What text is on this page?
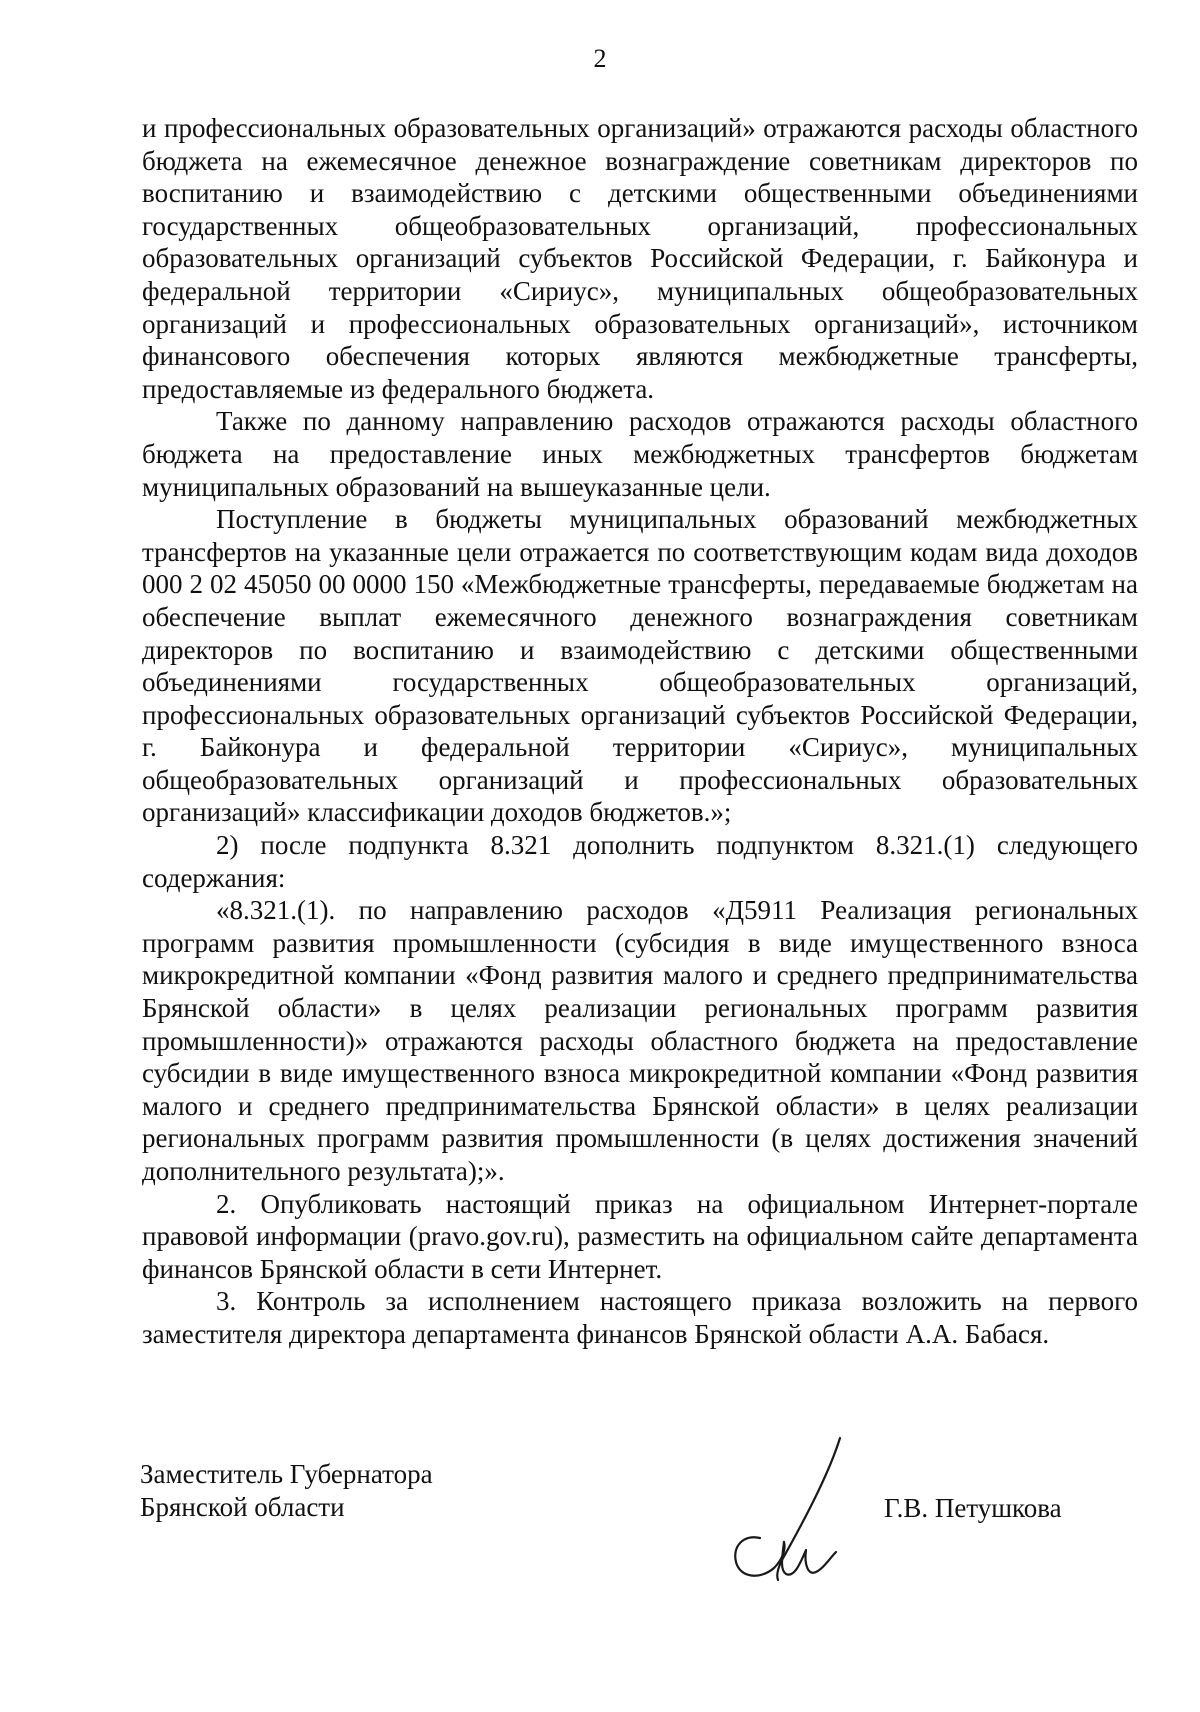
2

и профессиональных образовательных организаций» отражаются расходы областного бюджета на ежемесячное денежное вознаграждение советникам директоров по воспитанию и взаимодействию с детскими общественными объединениями государственных общеобразовательных организаций, профессиональных образовательных организаций субъектов Российской Федерации, г. Байконура и федеральной территории «Сириус», муниципальных общеобразовательных организаций и профессиональных образовательных организаций», источником финансового обеспечения которых являются межбюджетные трансферты, предоставляемые из федерального бюджета.

Также по данному направлению расходов отражаются расходы областного бюджета на предоставление иных межбюджетных трансфертов бюджетам муниципальных образований на вышеуказанные цели.

Поступление в бюджеты муниципальных образований межбюджетных трансфертов на указанные цели отражается по соответствующим кодам вида доходов 000 2 02 45050 00 0000 150 «Межбюджетные трансферты, передаваемые бюджетам на обеспечение выплат ежемесячного денежного вознаграждения советникам директоров по воспитанию и взаимодействию с детскими общественными объединениями государственных общеобразовательных организаций, профессиональных образовательных организаций субъектов Российской Федерации, г. Байконура и федеральной территории «Сириус», муниципальных общеобразовательных организаций и профессиональных образовательных организаций» классификации доходов бюджетов.»;

2) после подпункта 8.321 дополнить подпунктом 8.321.(1) следующего содержания:

«8.321.(1). по направлению расходов «Д5911 Реализация региональных программ развития промышленности (субсидия в виде имущественного взноса микрокредитной компании «Фонд развития малого и среднего предпринимательства Брянской области» в целях реализации региональных программ развития промышленности)» отражаются расходы областного бюджета на предоставление субсидии в виде имущественного взноса микрокредитной компании «Фонд развития малого и среднего предпринимательства Брянской области» в целях реализации региональных программ развития промышленности (в целях достижения значений дополнительного результата);».

2. Опубликовать настоящий приказ на официальном Интернет-портале правовой информации (pravo.gov.ru), разместить на официальном сайте департамента финансов Брянской области в сети Интернет.

3. Контроль за исполнением настоящего приказа возложить на первого заместителя директора департамента финансов Брянской области А.А. Бабася.

Заместитель Губернатора
Брянской области	Г.В. Петушкова
